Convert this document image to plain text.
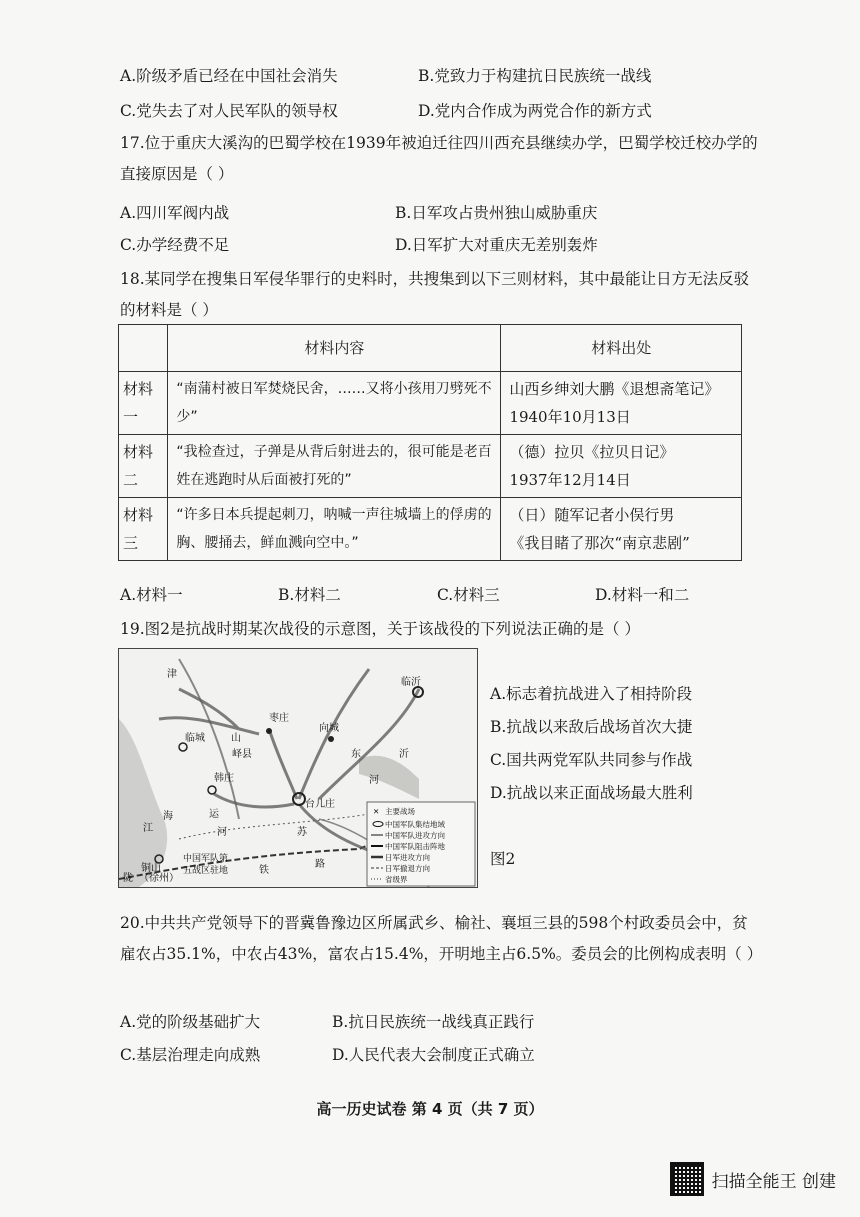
A.阶级矛盾已经在中国社会消失	B.党致力于构建抗日民族统一战线
C.党失去了对人民军队的领导权	D.党内合作成为两党合作的新方式
17.位于重庆大溪沟的巴蜀学校在1939年被迫迁往四川西充县继续办学，巴蜀学校迁校办学的直接原因是（ ）
A.四川军阀内战	B.日军攻占贵州独山威胁重庆
C.办学经费不足	D.日军扩大对重庆无差别轰炸
18.某同学在搜集日军侵华罪行的史料时，共搜集到以下三则材料，其中最能让日方无法反驳的材料是（ ）
	材料内容	材料出处
材料一	“南蒲村被日军焚烧民舍，……又将小孩用刀劈死不少”	山西乡绅刘大鹏《退想斋笔记》
1940年10月13日
材料二	“我检查过，子弹是从背后射进去的，很可能是老百姓在逃跑时从后面被打死的”	（德）拉贝《拉贝日记》
1937年12月14日
材料三	“许多日本兵提起刺刀，呐喊一声往城墙上的俘虏的胸、腰捅去，鲜血溅向空中。”	（日）随军记者小俣行男
《我目睹了那次“南京悲剧”
A.材料一	B.材料二	C.材料三	D.材料一和二
19.图2是抗战时期某次战役的示意图，关于该战役的下列说法正确的是（ ）
临沂
枣庄
临城
峄县
向城
韩庄
台儿庄
铜山
（徐州）
津
山
东	沂
河
运
河	苏
江
铁
路
陇
海
中国军队第
五战区驻地
✕ 主要战场
中国军队集结地域
中国军队进攻方向
中国军队阻击阵地
日军进攻方向
日军撤退方向
省级界
A.标志着抗战进入了相持阶段
B.抗战以来敌后战场首次大捷
C.国共两党军队共同参与作战
D.抗战以来正面战场最大胜利
图2
20.中共共产党领导下的晋冀鲁豫边区所属武乡、榆社、襄垣三县的598个村政委员会中，贫雇农占35.1%，中农占43%，富农占15.4%，开明地主占6.5%。委员会的比例构成表明（ ）
A.党的阶级基础扩大	B.抗日民族统一战线真正践行
C.基层治理走向成熟	D.人民代表大会制度正式确立
高一历史试卷 第 4 页（共 7 页）
扫描全能王 创建
